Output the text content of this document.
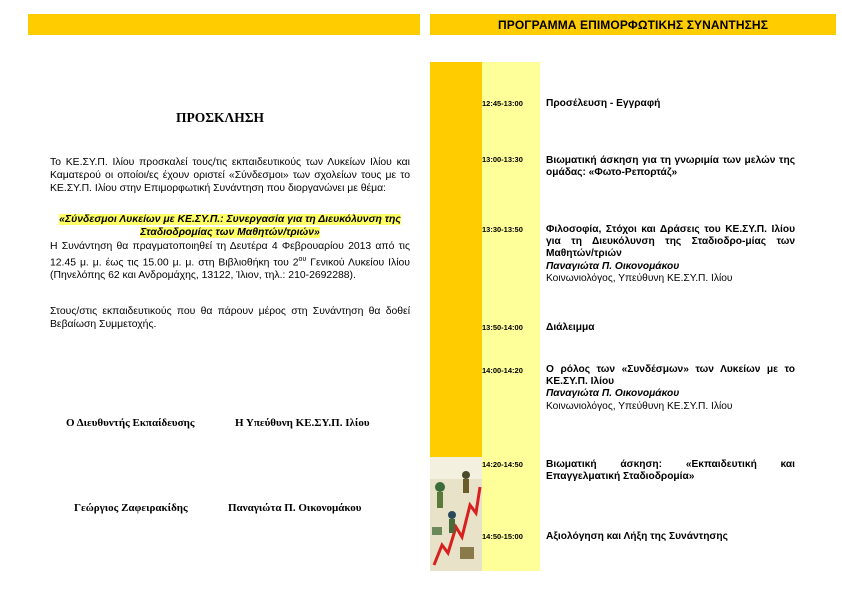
ΠΡΟΓΡΑΜΜΑ ΕΠΙΜΟΡΦΩΤΙΚΗΣ ΣΥΝΑΝΤΗΣΗΣ
ΠΡΟΣΚΛΗΣΗ
Το ΚΕ.ΣΥ.Π. Ιλίου προσκαλεί τους/τις εκπαιδευτικούς των Λυκείων Ιλίου και Καματερού οι οποίοι/ες έχουν οριστεί «Σύνδεσμοι» των σχολείων τους με το ΚΕ.ΣΥ.Π. Ιλίου στην Επιμορφωτική Συνάντηση που διοργανώνει με θέμα:
«Σύνδεσμοι Λυκείων με ΚΕ.ΣΥ.Π.: Συνεργασία για τη Διευκόλυνση της Σταδιοδρομίας των Μαθητών/τριών»
Η Συνάντηση θα πραγματοποιηθεί τη Δευτέρα 4 Φεβρουαρίου 2013 από τις 12.45 μ. μ. έως τις 15.00 μ. μ. στη Βιβλιοθήκη του $2^{o\upsilon}$ Γενικού Λυκείου Ιλίου (Πηνελόπης 62 και Ανδρομάχης, 13122, Ίλιον, τηλ.: 210-2692288).
Στους/στις εκπαιδευτικούς που θα πάρουν μέρος στη Συνάντηση θα δοθεί Βεβαίωση Συμμετοχής.
Ο Διευθυντής Εκπαίδευσης	Η Υπεύθυνη ΚΕ.ΣΥ.Π. Ιλίου
Γεώργιος Ζαφειρακίδης	Παναγιώτα Π. Οικονομάκου
12:45-13:00 Προσέλευση - Εγγραφή
13:00-13:30 Βιωματική άσκηση για τη γνωριμία των μελών της ομάδας: «Φωτο-Ρεπορτάζ»
13:30-13:50 Φιλοσοφία, Στόχοι και Δράσεις του ΚΕ.ΣΥ.Π. Ιλίου για τη Διευκόλυνση της Σταδιοδρο-μίας των Μαθητών/τριών
Παναγιώτα Π. Οικονομάκου
Κοινωνιολόγος, Υπεύθυνη ΚΕ.ΣΥ.Π. Ιλίου
13:50-14:00 Διάλειμμα
14:00-14:20 Ο ρόλος των «Συνδέσμων» των Λυκείων με το ΚΕ.ΣΥ.Π. Ιλίου
Παναγιώτα Π. Οικονομάκου
Κοινωνιολόγος, Υπεύθυνη ΚΕ.ΣΥ.Π. Ιλίου
14:20-14:50 Βιωματική άσκηση: «Εκπαιδευτική και Επαγγελματική Σταδιοδρομία»
14:50-15:00 Αξιολόγηση και Λήξη της Συνάντησης
